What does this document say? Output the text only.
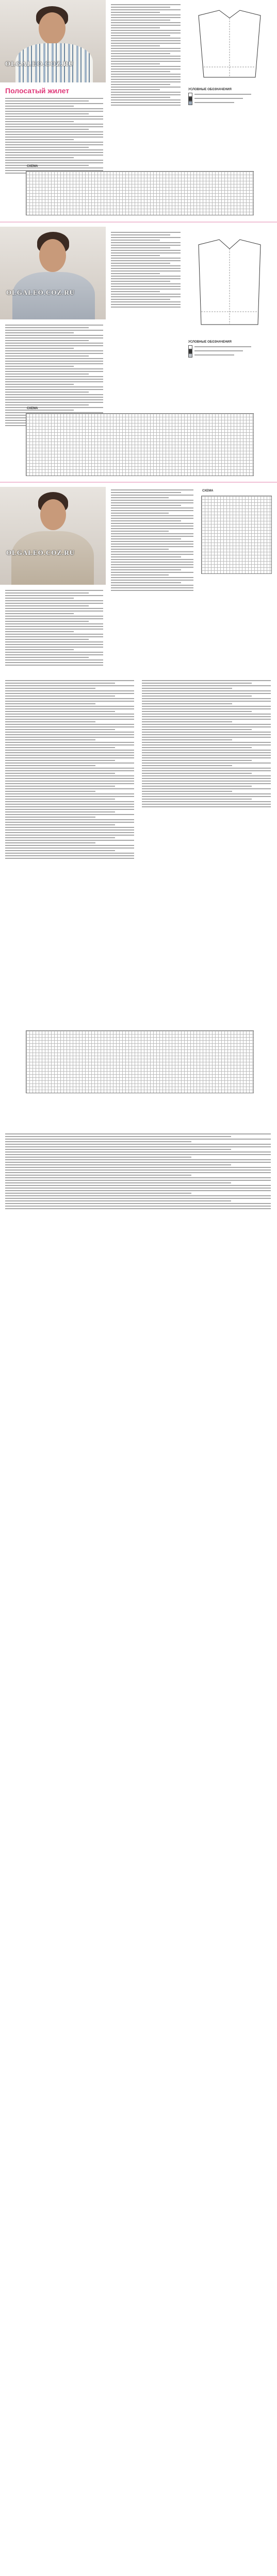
OLGALEO.COZ.RU
Полосатый жилет	УСЛОВНЫЕ ОБОЗНАЧЕНИЯ
СХЕМА
OLGALEO.COZ.RU
УСЛОВНЫЕ ОБОЗНАЧЕНИЯ
СХЕМА
OLGALEO.COZ.RU
СХЕМА
